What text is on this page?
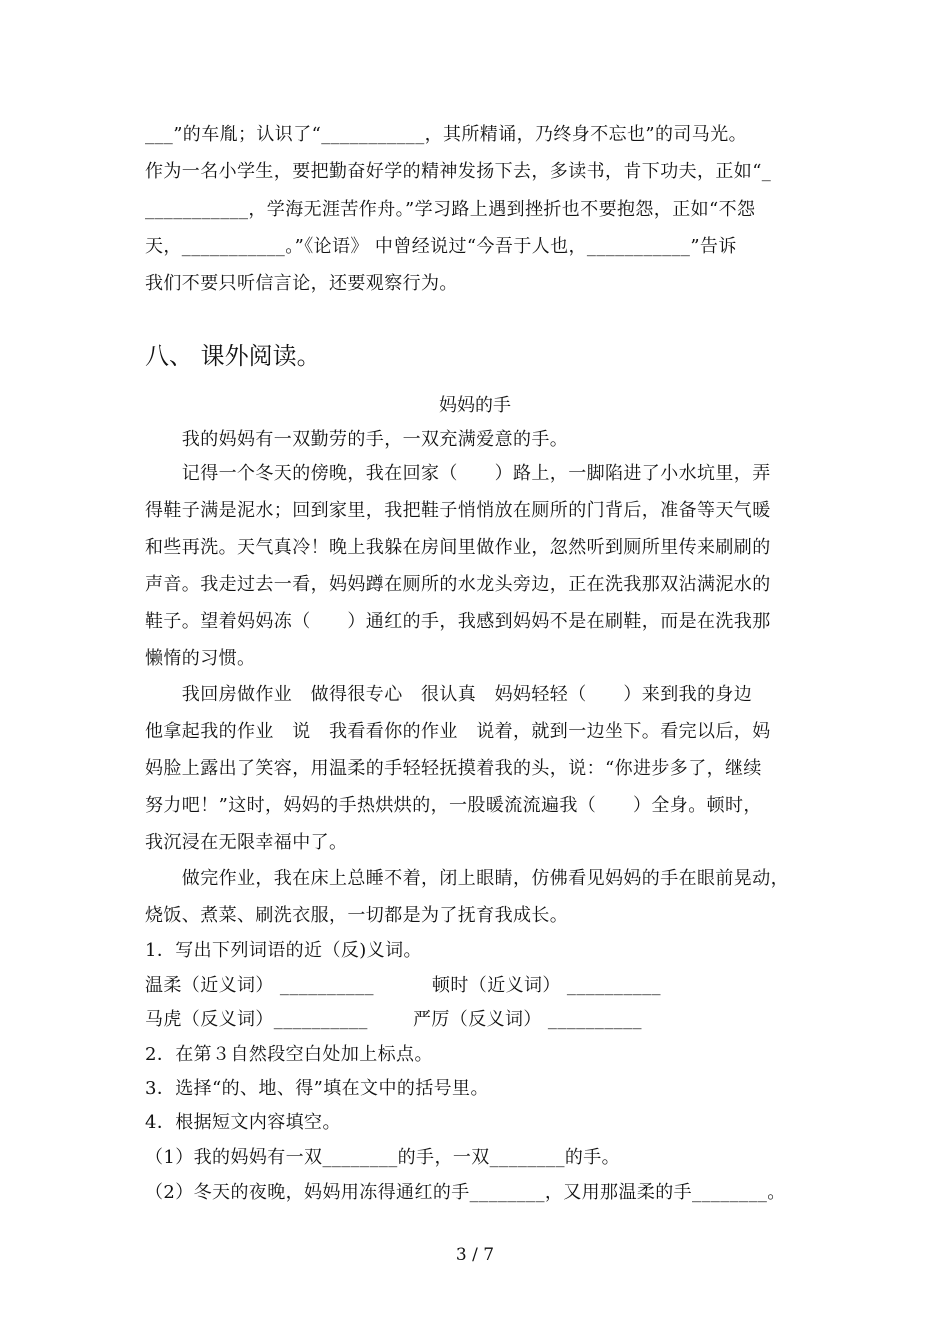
___”的车胤；认识了“___________，其所精诵，乃终身不忘也”的司马光。
作为一名小学生，要把勤奋好学的精神发扬下去，多读书，肯下功夫，正如“_
___________，学海无涯苦作舟。”学习路上遇到挫折也不要抱怨，正如“不怨
天，___________。”《论语》 中曾经说过“今吾于人也，___________”告诉
我们不要只听信言论，还要观察行为。
八、 课外阅读。
妈妈的手
　　我的妈妈有一双勤劳的手，一双充满爱意的手。
　　记得一个冬天的傍晚，我在回家（　　）路上，一脚陷进了小水坑里，弄
得鞋子满是泥水；回到家里，我把鞋子悄悄放在厕所的门背后，准备等天气暖
和些再洗。天气真冷！晚上我躲在房间里做作业，忽然听到厕所里传来刷刷的
声音。我走过去一看，妈妈蹲在厕所的水龙头旁边，正在洗我那双沾满泥水的
鞋子。望着妈妈冻（　　）通红的手，我感到妈妈不是在刷鞋，而是在洗我那
懒惰的习惯。
　　我回房做作业　做得很专心　很认真　妈妈轻轻（　　）来到我的身边
他拿起我的作业　说　我看看你的作业　说着，就到一边坐下。看完以后，妈
妈脸上露出了笑容，用温柔的手轻轻抚摸着我的头，说：“你进步多了，继续
努力吧！”这时，妈妈的手热烘烘的，一股暖流流遍我（　　）全身。顿时，
我沉浸在无限幸福中了。
　　做完作业，我在床上总睡不着，闭上眼睛，仿佛看见妈妈的手在眼前晃动，
烧饭、煮菜、刷洗衣服，一切都是为了抚育我成长。
1．写出下列词语的近（反)义词。
温柔（近义词） __________	顿时（近义词） __________
马虎（反义词）__________	严厉（反义词） __________
2．在第３自然段空白处加上标点。
3．选择“的、地、得”填在文中的括号里。
4．根据短文内容填空。
（1）我的妈妈有一双________的手，一双________的手。
（2）冬天的夜晚，妈妈用冻得通红的手________，又用那温柔的手________。
3 / 7
